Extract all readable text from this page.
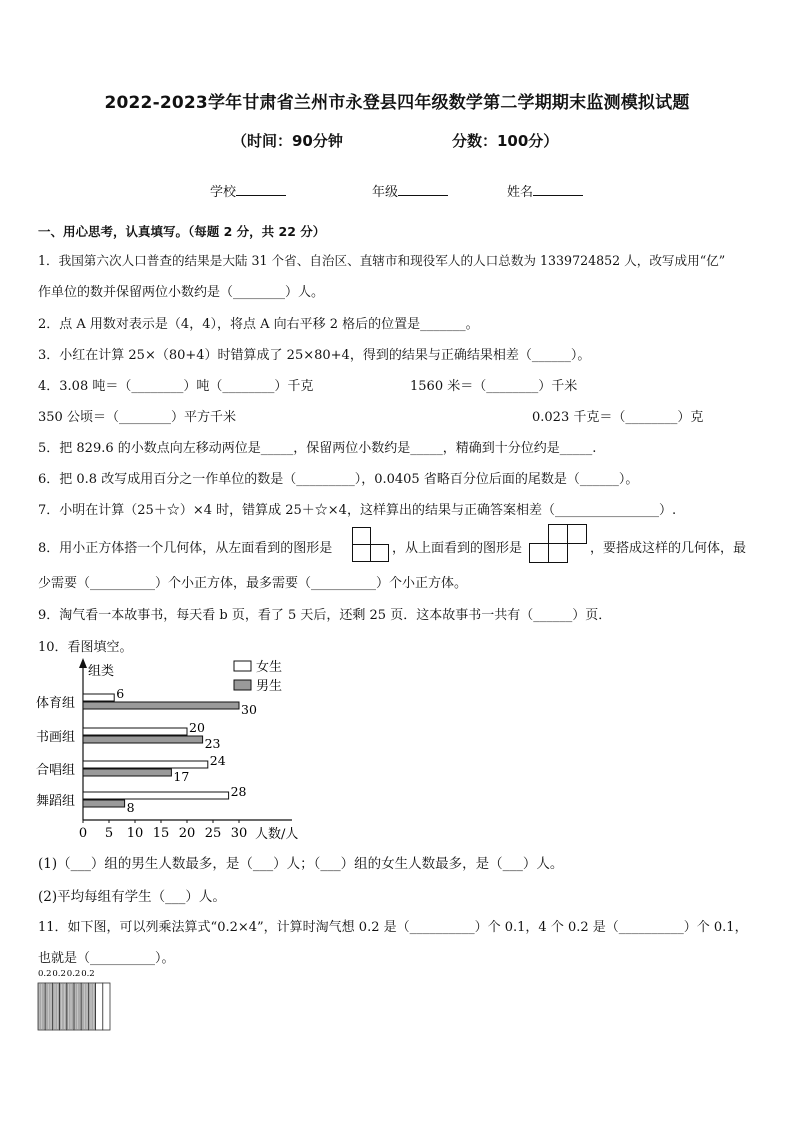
2022-2023学年甘肃省兰州市永登县四年级数学第二学期期末监测模拟试题
（时间：90分钟	分数：100分）
学校	年级	姓名
一、用心思考，认真填写。（每题 2 分，共 22 分）
1．我国第六次人口普查的结果是大陆 31 个省、自治区、直辖市和现役军人的人口总数为 1339724852 人，改写成用“亿”
作单位的数并保留两位小数约是（________）人。
2．点 A 用数对表示是（4，4），将点 A 向右平移 2 格后的位置是_______。
3．小红在计算 25×（80+4）时错算成了 25×80+4，得到的结果与正确结果相差（______）。
4．3.08 吨＝（________）吨（________）千克	1560 米＝（________）千米
350 公顷＝（________）平方千米	0.023 千克＝（________）克
5．把 829.6 的小数点向左移动两位是_____，保留两位小数约是_____，精确到十分位约是_____.
6．把 0.8 改写成用百分之一作单位的数是（_________），0.0405 省略百分位后面的尾数是（______）。
7．小明在计算（25＋☆）×4 时，错算成 25＋☆×4，这样算出的结果与正确答案相差（________________）.
8．用小正方体搭一个几何体，从左面看到的图形是	，从上面看到的图形是	，要搭成这样的几何体，最
少需要（__________）个小正方体，最多需要（__________）个小正方体。
9．淘气看一本故事书，每天看 b 页，看了 5 天后，还剩 25 页．这本故事书一共有（______）页．
10．看图填空。
组类
人数/人
女生
男生
6
30
20
23
24
17
28
8
体育组
书画组
合唱组
舞蹈组
0 5 10 15 20 25 30
(1)（___）组的男生人数最多，是（___）人；（___）组的女生人数最多，是（___）人。
(2)平均每组有学生（___）人。
11．如下图，可以列乘法算式“0.2×4”，计算时淘气想 0.2 是（__________）个 0.1，4 个 0.2 是（__________）个 0.1，
也就是（__________）。
0.2 0.2 0.2 0.2
